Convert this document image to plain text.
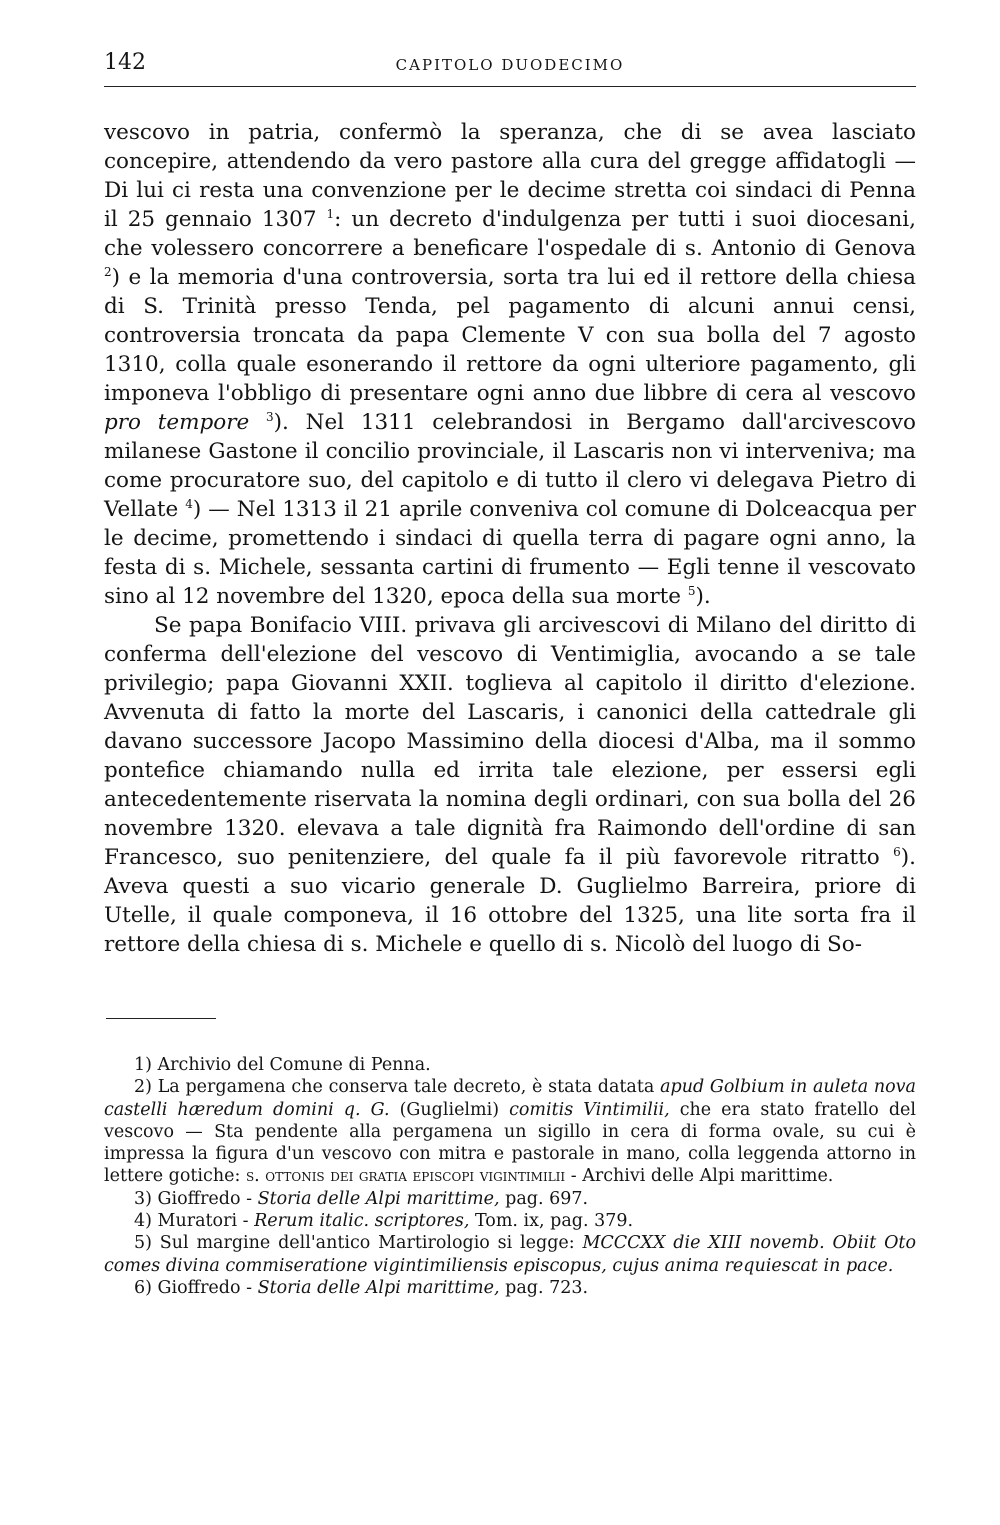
142	CAPITOLO DUODECIMO

vescovo in patria, confermò la speranza, che di se avea lasciato concepire, attendendo da vero pastore alla cura del gregge affidatogli — Di lui ci resta una convenzione per le decime stretta coi sindaci di Penna il 25 gennaio 1307 $^1$: un decreto d'indulgenza per tutti i suoi diocesani, che volessero concorrere a beneficare l'ospedale di s. Antonio di Genova $^2$) e la memoria d'una controversia, sorta tra lui ed il rettore della chiesa di S. Trinità presso Tenda, pel pagamento di alcuni annui censi, controversia troncata da papa Clemente V con sua bolla del 7 agosto 1310, colla quale esonerando il rettore da ogni ulteriore pagamento, gli imponeva l'obbligo di presentare ogni anno due libbre di cera al vescovo pro tempore $^3$). Nel 1311 celebrandosi in Bergamo dall'arcivescovo milanese Gastone il concilio provinciale, il Lascaris non vi interveniva; ma come procuratore suo, del capitolo e di tutto il clero vi delegava Pietro di Vellate $^4$) — Nel 1313 il 21 aprile conveniva col comune di Dolceacqua per le decime, promettendo i sindaci di quella terra di pagare ogni anno, la festa di s. Michele, sessanta cartini di frumento — Egli tenne il vescovato sino al 12 novembre del 1320, epoca della sua morte $^5$).

Se papa Bonifacio VIII. privava gli arcivescovi di Milano del diritto di conferma dell'elezione del vescovo di Ventimiglia, avocando a se tale privilegio; papa Giovanni XXII. toglieva al capitolo il diritto d'elezione. Avvenuta di fatto la morte del Lascaris, i canonici della cattedrale gli davano successore Jacopo Massimino della diocesi d'Alba, ma il sommo pontefice chiamando nulla ed irrita tale elezione, per essersi egli antecedentemente riservata la nomina degli ordinari, con sua bolla del 26 novembre 1320. elevava a tale dignità fra Raimondo dell'ordine di san Francesco, suo penitenziere, del quale fa il più favorevole ritratto $^6$). Aveva questi a suo vicario generale D. Guglielmo Barreira, priore di Utelle, il quale componeva, il 16 ottobre del 1325, una lite sorta fra il rettore della chiesa di s. Michele e quello di s. Nicolò del luogo di So-

1) Archivio del Comune di Penna.

2) La pergamena che conserva tale decreto, è stata datata apud Golbium in auleta nova castelli hæredum domini q. G. (Guglielmi) comitis Vintimilii, che era stato fratello del vescovo — Sta pendente alla pergamena un sigillo in cera di forma ovale, su cui è impressa la figura d'un vescovo con mitra e pastorale in mano, colla leggenda attorno in lettere gotiche: s. ottonis dei gratia episcopi vigintimilii - Archivi delle Alpi marittime.

3) Gioffredo - Storia delle Alpi marittime, pag. 697.

4) Muratori - Rerum italic. scriptores, Tom. ix, pag. 379.

5) Sul margine dell'antico Martirologio si legge: MCCCXX die XIII novemb. Obiit Oto comes divina commiseratione vigintimiliensis episcopus, cujus anima requiescat in pace.

6) Gioffredo - Storia delle Alpi marittime, pag. 723.
